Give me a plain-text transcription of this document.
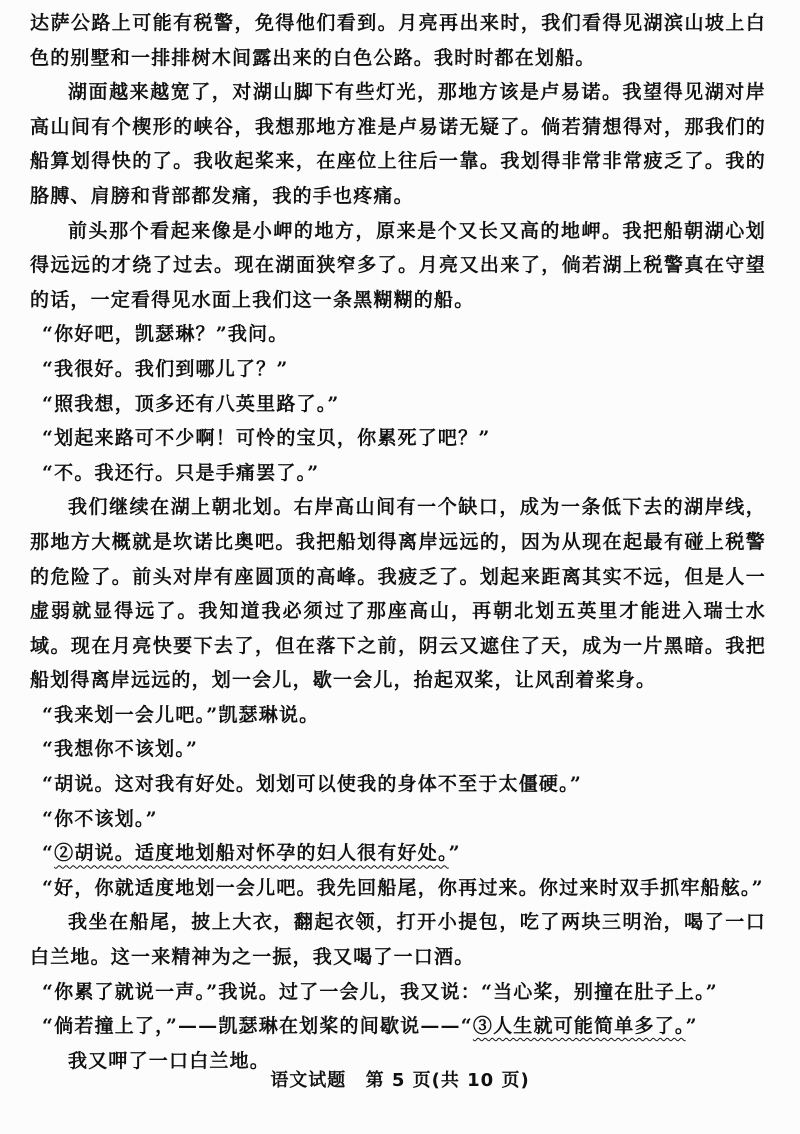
达萨公路上可能有税警，免得他们看到。月亮再出来时，我们看得见湖滨山坡上白色的别墅和一排排树木间露出来的白色公路。我时时都在划船。

湖面越来越宽了，对湖山脚下有些灯光，那地方该是卢易诺。我望得见湖对岸高山间有个楔形的峡谷，我想那地方准是卢易诺无疑了。倘若猜想得对，那我们的船算划得快的了。我收起桨来，在座位上往后一靠。我划得非常非常疲乏了。我的胳膊、肩膀和背部都发痛，我的手也疼痛。

前头那个看起来像是小岬的地方，原来是个又长又高的地岬。我把船朝湖心划得远远的才绕了过去。现在湖面狭窄多了。月亮又出来了，倘若湖上税警真在守望的话，一定看得见水面上我们这一条黑糊糊的船。

“你好吧，凯瑟琳？”我问。

“我很好。我们到哪儿了？”

“照我想，顶多还有八英里路了。”

“划起来路可不少啊！可怜的宝贝，你累死了吧？”

“不。我还行。只是手痛罢了。”

我们继续在湖上朝北划。右岸高山间有一个缺口，成为一条低下去的湖岸线，那地方大概就是坎诺比奥吧。我把船划得离岸远远的，因为从现在起最有碰上税警的危险了。前头对岸有座圆顶的高峰。我疲乏了。划起来距离其实不远，但是人一虚弱就显得远了。我知道我必须过了那座高山，再朝北划五英里才能进入瑞士水域。现在月亮快要下去了，但在落下之前，阴云又遮住了天，成为一片黑暗。我把船划得离岸远远的，划一会儿，歇一会儿，抬起双桨，让风刮着桨身。

“我来划一会儿吧。”凯瑟琳说。

“我想你不该划。”

“胡说。这对我有好处。划划可以使我的身体不至于太僵硬。”

“你不该划。”

“②胡说。适度地划船对怀孕的妇人很有好处。”

“好，你就适度地划一会儿吧。我先回船尾，你再过来。你过来时双手抓牢船舷。”

我坐在船尾，披上大衣，翻起衣领，打开小提包，吃了两块三明治，喝了一口白兰地。这一来精神为之一振，我又喝了一口酒。

“你累了就说一声。”我说。过了一会儿，我又说：“当心桨，别撞在肚子上。”

“倘若撞上了，”——凯瑟琳在划桨的间歇说——“③人生就可能简单多了。”

我又呷了一口白兰地。

语文试题 第 5 页(共 10 页)
